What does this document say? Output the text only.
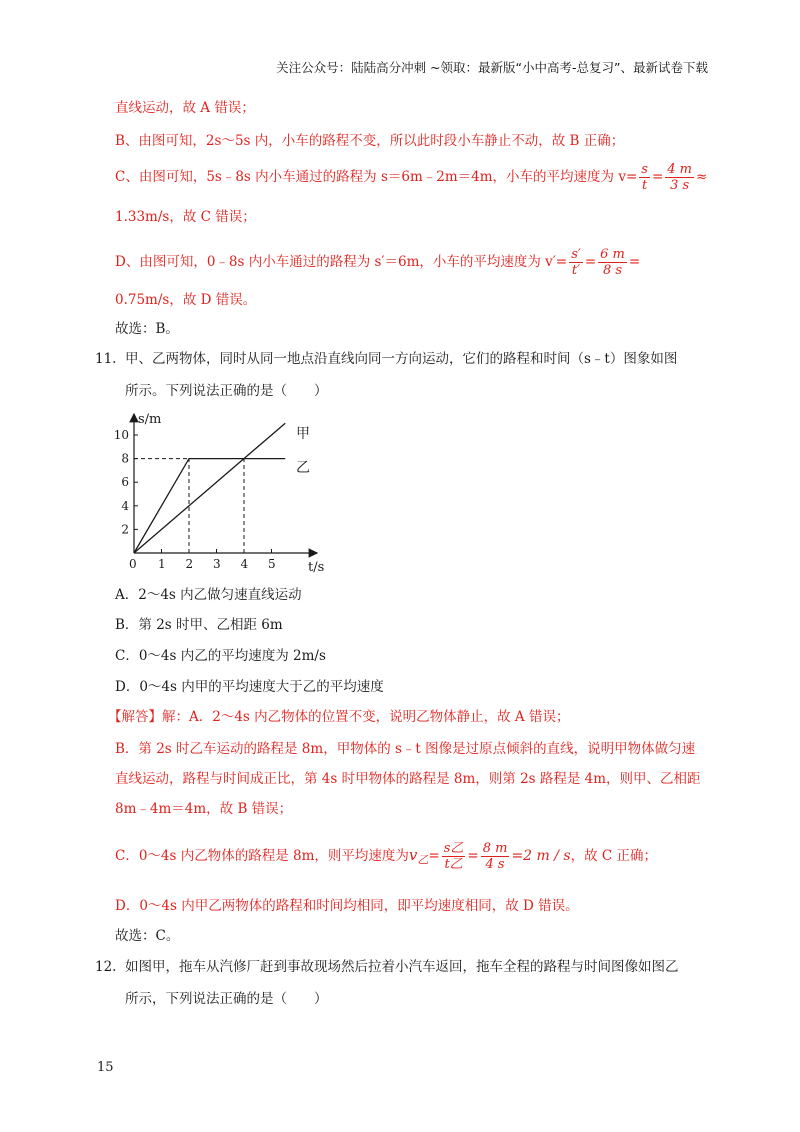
关注公众号：陆陆高分冲刺 ~领取：最新版“小中高考-总复习”、最新试卷下载
直线运动，故 A 错误；
B、由图可知，2s～5s 内，小车的路程不变，所以此时段小车静止不动，故 B 正确；
C、由图可知，5s﹣8s 内小车通过的路程为 s＝6m﹣2m＝4m，小车的平均速度为 $v= \frac{s}{t} = \frac{4 m}{3 s}$ ≈
1.33m/s，故 C 错误；
D、由图可知，0﹣8s 内小车通过的路程为 s′＝6m，小车的平均速度为 $v'= \frac{s'}{t'} = \frac{6 m}{8 s}$ =
0.75m/s，故 D 错误。
故选：B。
11. 甲、乙两物体，同时从同一地点沿直线向同一方向运动，它们的路程和时间（s﹣t）图象如图
所示。下列说法正确的是（　　）
0 1 2 3 4 5
2
4
6
8
10
s/m
t/s
甲
乙
A．2～4s 内乙做匀速直线运动
B．第 2s 时甲、乙相距 6m
C．0～4s 内乙的平均速度为 2m/s
D．0～4s 内甲的平均速度大于乙的平均速度
【解答】解：A．2～4s 内乙物体的位置不变，说明乙物体静止，故 A 错误；
B．第 2s 时乙车运动的路程是 8m，甲物体的 s﹣t 图像是过原点倾斜的直线，说明甲物体做匀速
直线运动，路程与时间成正比，第 4s 时甲物体的路程是 8m，则第 2s 路程是 4m，则甲、乙相距
8m﹣4m＝4m，故 B 错误；
C．0～4s 内乙物体的路程是 8m，则平均速度为$v_乙= \frac{\text{s乙}}{\text{t乙}} = \frac{8 m}{4 s} =2$ m / s，故 C 正确；
D．0～4s 内甲乙两物体的路程和时间均相同，即平均速度相同，故 D 错误。
故选：C。
12. 如图甲，拖车从汽修厂赶到事故现场然后拉着小汽车返回，拖车全程的路程与时间图像如图乙
所示，下列说法正确的是（　　）
15
